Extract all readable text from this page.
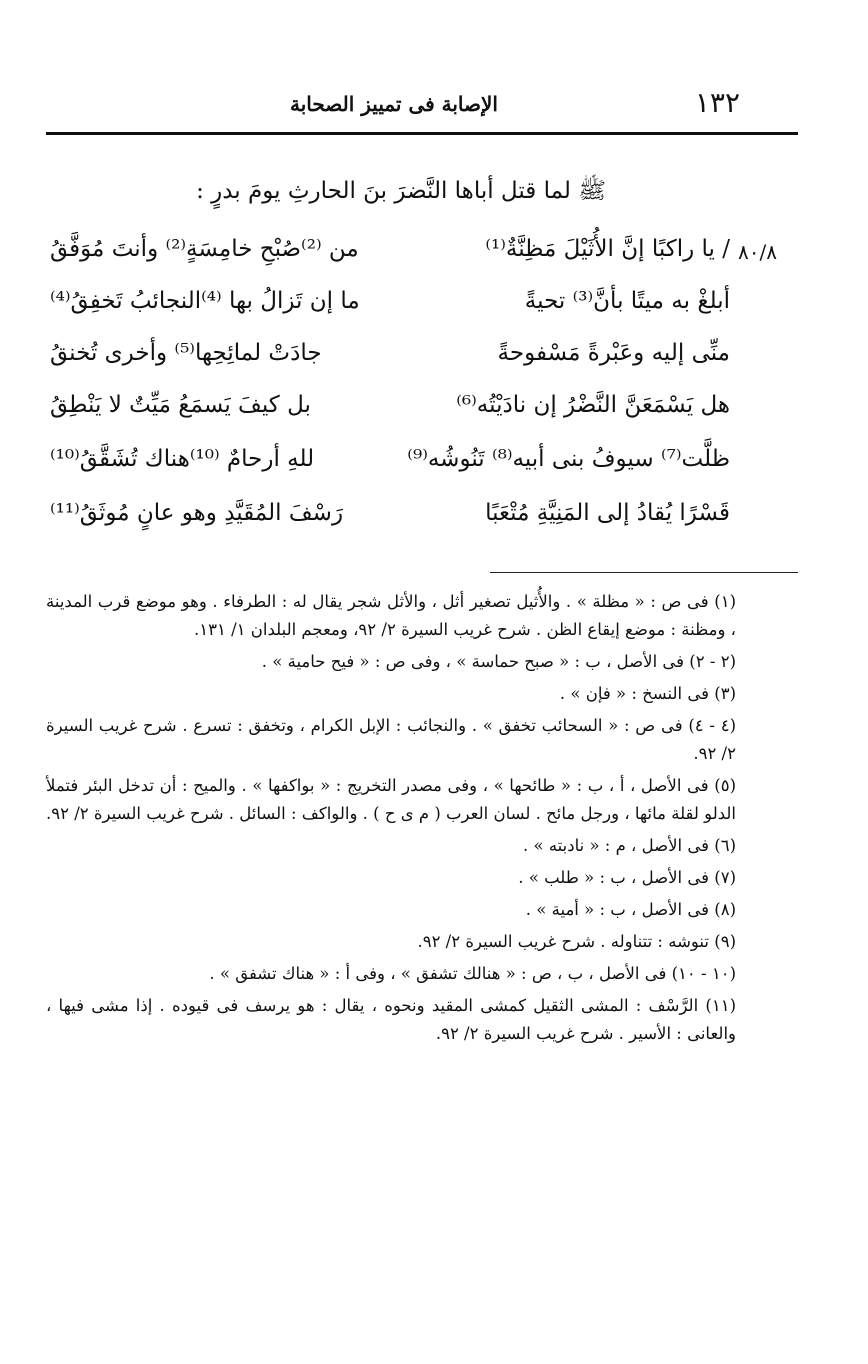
١٣٢
الإصابة فى تمييز الصحابة
ﷺ لما قتل أباها النَّضرَ بنَ الحارثِ يومَ بدرٍ :
٨٠/٨
/ يا راكبًا إنَّ الأُثَيْلَ مَظِنَّةٌ⁽¹⁾
من ⁽²⁾صُبْحِ خامِسَةٍ⁽²⁾ وأنتَ مُوَفَّقُ
أبلغْ به ميتًا بأنَّ⁽³⁾ تحيةً
ما إن تَزالُ بها ⁽⁴⁾النجائبُ تَخفِقُ⁽⁴⁾
منِّى إليه وعَبْرةً مَسْفوحةً
جادَتْ لمائِحِها⁽⁵⁾ وأخرى تُخنقُ
هل يَسْمَعَنَّ النَّضْرُ إن نادَيْتُه⁽⁶⁾
بل كيفَ يَسمَعُ مَيِّتٌ لا يَنْطِقُ
ظلَّت⁽⁷⁾ سيوفُ بنى أبيه⁽⁸⁾ تَنُوشُه⁽⁹⁾
للهِ أرحامٌ ⁽¹⁰⁾هناك تُشَقَّقُ⁽¹⁰⁾
قَسْرًا يُقادُ إلى المَنِيَّةِ مُتْعَبًا
رَسْفَ المُقَيَّدِ وهو عانٍ مُوثَقُ⁽¹¹⁾

(١) فى ص : « مظلة » . والأُثيل تصغير أثل ، والأثل شجر يقال له : الطرفاء . وهو موضع قرب المدينة ، ومظنة : موضع إيقاع الظن . شرح غريب السيرة ٢/ ٩٢، ومعجم البلدان ١/ ١٣١.

(٢ - ٢) فى الأصل ، ب : « صبح حماسة » ، وفى ص : « فيح حامية » .

(٣) فى النسخ : « فإن » .

(٤ - ٤) فى ص : « السحائب تخفق » . والنجائب : الإبل الكرام ، وتخفق : تسرع . شرح غريب السيرة ٢/ ٩٢.

(٥) فى الأصل ، أ ، ب : « طائحها » ، وفى مصدر التخريج : « بواكفها » . والميح : أن تدخل البئر فتملأ الدلو لقلة مائها ، ورجل مائح . لسان العرب ( م ى ح ) . والواكف : السائل . شرح غريب السيرة ٢/ ٩٢.

(٦) فى الأصل ، م : « نادبته » .

(٧) فى الأصل ، ب : « طلب » .

(٨) فى الأصل ، ب : « أمية » .

(٩) تنوشه : تتناوله . شرح غريب السيرة ٢/ ٩٢.

(١٠ - ١٠) فى الأصل ، ب ، ص : « هنالك تشفق » ، وفى أ : « هناك تشفق » .

(١١) الرَّسْف : المشى الثقيل كمشى المقيد ونحوه ، يقال : هو يرسف فى قيوده . إذا مشى فيها ، والعانى : الأسير . شرح غريب السيرة ٢/ ٩٢.
